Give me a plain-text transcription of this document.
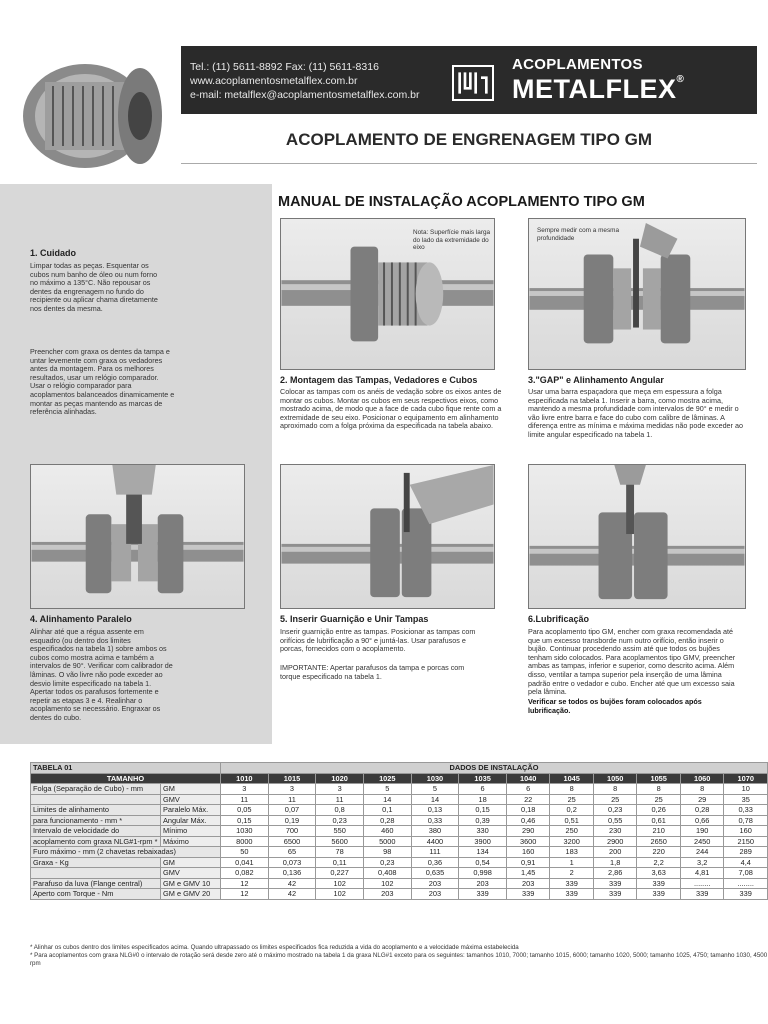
Tel.: (11) 5611-8892 Fax: (11) 5611-8316
www.acoplamentosmetalflex.com.br
e-mail: metalflex@acoplamentosmetalflex.com.br
ACOPLAMENTOS
METALFLEX®
ACOPLAMENTO DE ENGRENAGEM TIPO GM
MANUAL DE INSTALAÇÃO ACOPLAMENTO TIPO GM
1. Cuidado
Limpar todas as peças. Esquentar os cubos num banho de óleo ou num forno no máximo a 135°C. Não repousar os dentes da engrenagem no fundo do recipiente ou aplicar chama diretamente nos dentes da mesma.
Preencher com graxa os dentes da tampa e untar levemente com graxa os vedadores antes da montagem. Para os melhores resultados, usar um relógio comparador. Usar o relógio comparador para acoplamentos balanceados dinamicamente e montar as peças mantendo as marcas de referência alinhadas.
Nota: Superfície mais larga do lado da extremidade do eixo
Sempre medir com a mesma profundidade
2. Montagem das Tampas, Vedadores e Cubos
Colocar as tampas com os anéis de vedação sobre os eixos antes de montar os cubos. Montar os cubos em seus respectivos eixos, como mostrado acima, de modo que a face de cada cubo fique rente com a extremidade de seu eixo. Posicionar o equipamento em alinhamento aproximado com a folga próxima da especificada na tabela abaixo.
3."GAP" e Alinhamento Angular
Usar uma barra espaçadora que meça em espessura a folga especificada na tabela 1. Inserir a barra, como mostra acima, mantendo a mesma profundidade com intervalos de 90° e medir o vão livre entre barra e face do cubo com calibre de lâminas. A diferença entre as mínima e máxima medidas não pode exceder ao limite angular especificado na tabela 1.
4. Alinhamento Paralelo
Alinhar até que a régua assente em esquadro (ou dentro dos limites especificados na tabela 1) sobre ambos os cubos como mostra acima e também a intervalos de 90°. Verificar com calibrador de lâminas. O vão livre não pode exceder ao desvio limite especificado na tabela 1. Apertar todos os parafusos fortemente e repetir as etapas 3 e 4. Realinhar o acoplamento se necessário. Engraxar os dentes do cubo.
5. Inserir Guarnição e Unir Tampas
Inserir guarnição entre as tampas. Posicionar as tampas com orifícios de lubrificação a 90° e juntá-las. Usar parafusos e porcas, fornecidos com o acoplamento.
IMPORTANTE: Apertar parafusos da tampa e porcas com torque especificado na tabela 1.
6.Lubrificação
Para acoplamento tipo GM, encher com graxa recomendada até que um excesso transborde num outro orifício, então inserir o bujão. Continuar procedendo assim até que todos os bujões tenham sido colocados. Para acoplamentos tipo GMV, preencher ambas as tampas, inferior e superior, como descrito acima. Além disso, ventilar a tampa superior pela inserção de uma lâmina padrão entre o vedador e cubo. Encher até que um excesso saia pela lâmina.
Verificar se todos os bujões foram colocados após lubrificação.
TABELA 01		DADOS DE INSTALAÇÃO											
TAMANHO		1010	1015	1020	1025	1030	1035	1040	1045	1050	1055	1060	1070
Folga (Separação de Cubo) - mm	GM	3	3	3	5	5	6	6	8	8	8	8	10
	GMV	11	11	11	14	14	18	22	25	25	25	29	35
Limites de alinhamento	Paralelo Máx.	0,05	0,07	0,8	0,1	0,13	0,15	0,18	0,2	0,23	0,26	0,28	0,33
para funcionamento - mm *	Angular Máx.	0,15	0,19	0,23	0,28	0,33	0,39	0,46	0,51	0,55	0,61	0,66	0,78
Intervalo de velocidade do	Mínimo	1030	700	550	460	380	330	290	250	230	210	190	160
acoplamento com graxa NLG#1-rpm *	Máximo	8000	6500	5600	5000	4400	3900	3600	3200	2900	2650	2450	2150
Furo máximo - mm (2 chavetas rebaixadas)		50	65	78	98	111	134	160	183	200	220	244	289
Graxa - Kg	GM	0,041	0,073	0,11	0,23	0,36	0,54	0,91	1	1,8	2,2	3,2	4,4
	GMV	0,082	0,136	0,227	0,408	0,635	0,998	1,45	2	2,86	3,63	4,81	7,08
Parafuso da luva (Flange central)	GM e GMV 10	12	42	102	102	203	203	203	339	339	339	........	........
Aperto com Torque - Nm	GM e GMV 20	12	42	102	203	203	339	339	339	339	339	339	339
* Alinhar os cubos dentro dos limites especificados acima. Quando ultrapassado os limites especificados fica reduzida a vida do acoplamento e a velocidade máxima estabelecida
* Para acoplamentos com graxa NLG#0 o intervalo de rotação será desde zero até o máximo mostrado na tabela 1 da graxa NLG#1 exceto para os seguintes: tamanhos 1010, 7000; tamanho 1015, 6000; tamanho 1020, 5000; tamanho 1025, 4750; tamanho 1030, 4500 rpm
